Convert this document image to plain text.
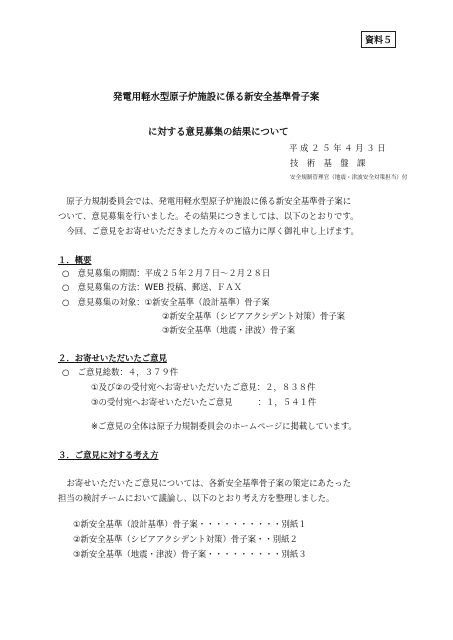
資料５
発電用軽水型原子炉施設に係る新安全基準骨子案
に対する意見募集の結果について
平 成 ２ ５ 年 ４ 月 ３ 日
技　術　基　盤　課
安全規制管理官（地震・津波安全対策担当）付
　原子力規制委員会では、発電用軽水型原子炉施設に係る新安全基準骨子案に
ついて、意見募集を行いました。その結果につきましては、以下のとおりです。
　今回、ご意見をお寄せいただきました方々のご協力に厚く御礼申し上げます。
１．概要
○　意見募集の期間：平成２５年２月７日～２月２８日
○　意見募集の方法：WEB 投稿、郵送、ＦＡＸ
○　意見募集の対象：①新安全基準（設計基準）骨子案
②新安全基準（シビアアクシデント対策）骨子案
③新安全基準（地震・津波）骨子案
２．お寄せいただいたご意見
○　ご意見総数：４，３７９件
①及び②の受付宛へお寄せいただいたご意見：２，８３８件
③の受付宛へお寄せいただいたご意見　　　：１，５４１件
※ご意見の全体は原子力規制委員会のホームページに掲載しています。
３．ご意見に対する考え方
　お寄せいただいたご意見については、各新安全基準骨子案の策定にあたった
担当の検討チームにおいて議論し、以下のとおり考え方を整理しました。
①新安全基準（設計基準）骨子案・・・・・・・・・・別紙１
②新安全基準（シビアアクシデント対策）骨子案・・別紙２
③新安全基準（地震・津波）骨子案・・・・・・・・・別紙３
